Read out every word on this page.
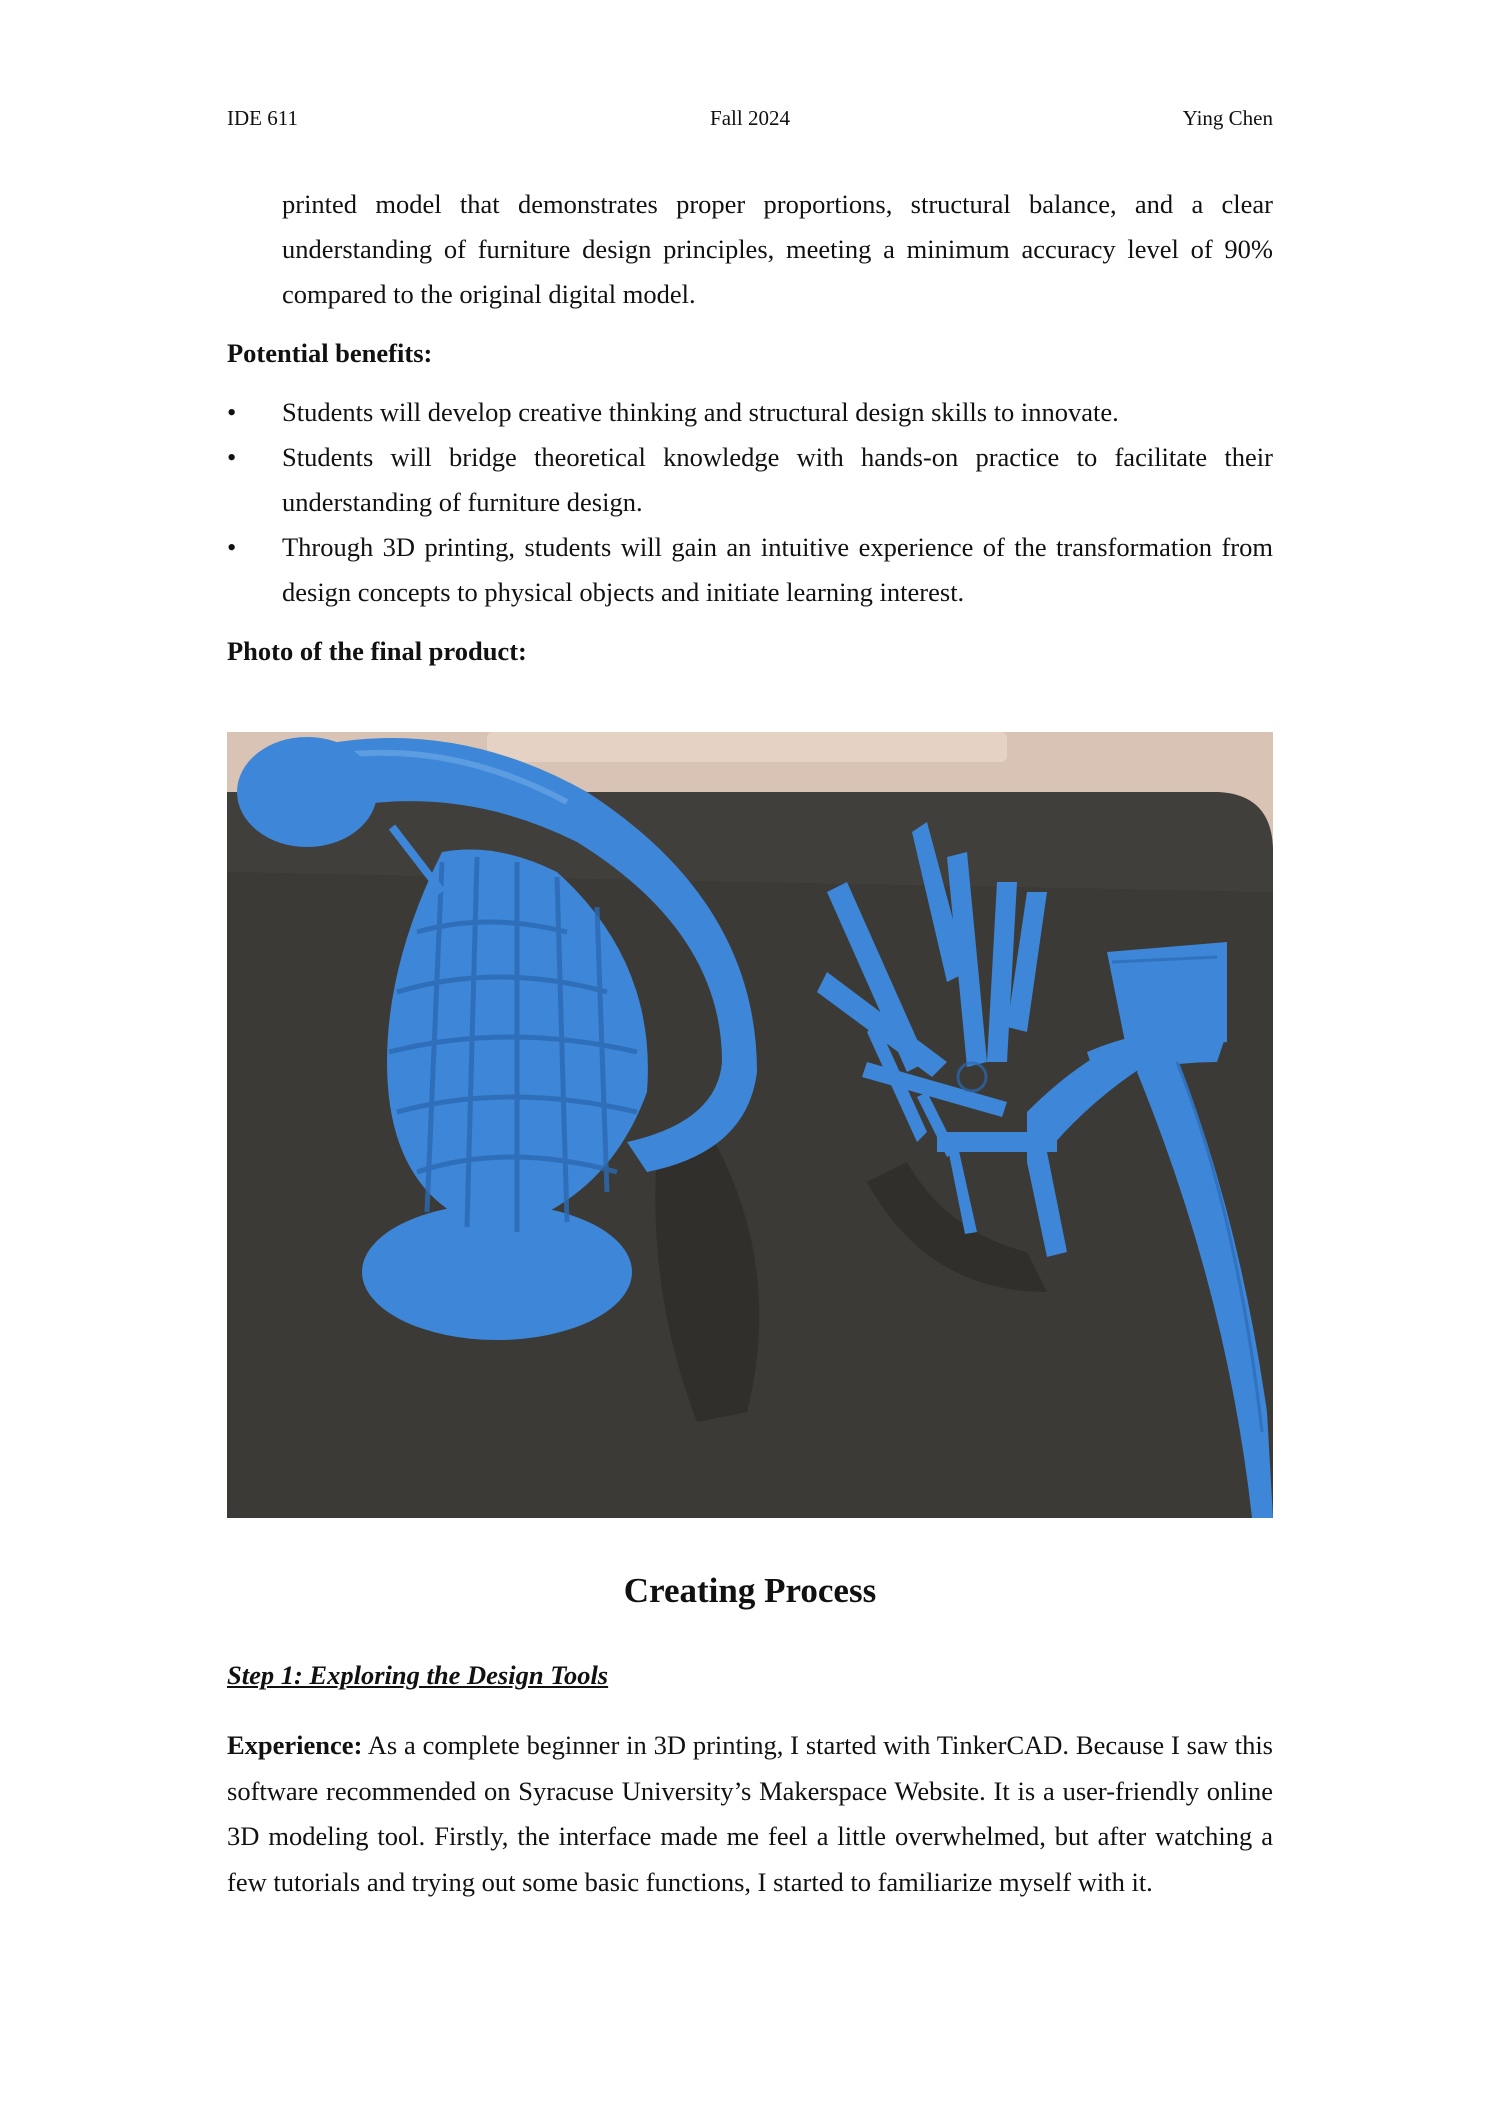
IDE 611	Fall 2024	Ying Chen

printed model that demonstrates proper proportions, structural balance, and a clear understanding of furniture design principles, meeting a minimum accuracy level of 90% compared to the original digital model.

Potential benefits:

• Students will develop creative thinking and structural design skills to innovate.
• Students will bridge theoretical knowledge with hands-on practice to facilitate their understanding of furniture design.
• Through 3D printing, students will gain an intuitive experience of the transformation from design concepts to physical objects and initiate learning interest.

Photo of the final product:

Creating Process
Step 1: Exploring the Design Tools

Experience: As a complete beginner in 3D printing, I started with TinkerCAD. Because I saw this software recommended on Syracuse University’s Makerspace Website. It is a user-friendly online 3D modeling tool. Firstly, the interface made me feel a little overwhelmed, but after watching a few tutorials and trying out some basic functions, I started to familiarize myself with it.
